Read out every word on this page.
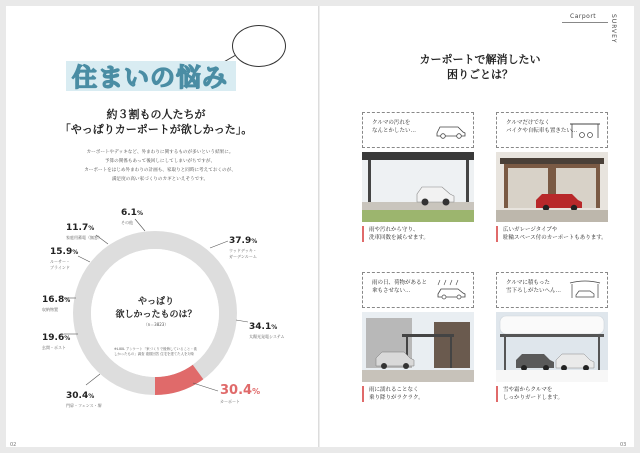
住まいの悩み
約３割もの人たちが
「やっぱりカーポートが欲しかった」。
カーポートやデッキなど、外まわりに関するものが多いという結果に。
予算の関係もあって後回しにしてしまいがちですが、
カーポートをはじめ外まわりの計画も、家取りと同時に考えておくのが、
満足度の高い家づくりのカギといえそうです。
やっぱり
欲しかったものは？
（n＝3823）
※LIXIL アンケート「家づくりで後悔していること・欲しかったもの」調査 複数回答 住宅を建てた人を対象
6.1%
その他
11.7%
家庭用蓄電（無窓）
15.9%
ルーサー・
ブラインド
16.8%
収納物置
19.6%
玄関・ポスト
30.4%
門扉・フェンス・塀
30.4%
カーポート
37.9%
ウッドデッキ・
ガーデンルーム
34.1%
太陽光発電システム
02
Carport SURVEY
カーポートで解消したい
困りごとは？
クルマの汚れを
なんとかしたい…
雨や汚れから守り、
洗車回数を減らせます。
クルマだけでなく
バイクや自転車も置きたい…
広いガレージタイプや
駐輪スペース付のカーポートもあります。
雨の日、荷物があると
傘もさせない…
雨に濡れることなく
乗り降りがラクラク。
クルマに積もった
雪下ろしがたいへん…
雪や霜からクルマを
しっかりガードします。
03
